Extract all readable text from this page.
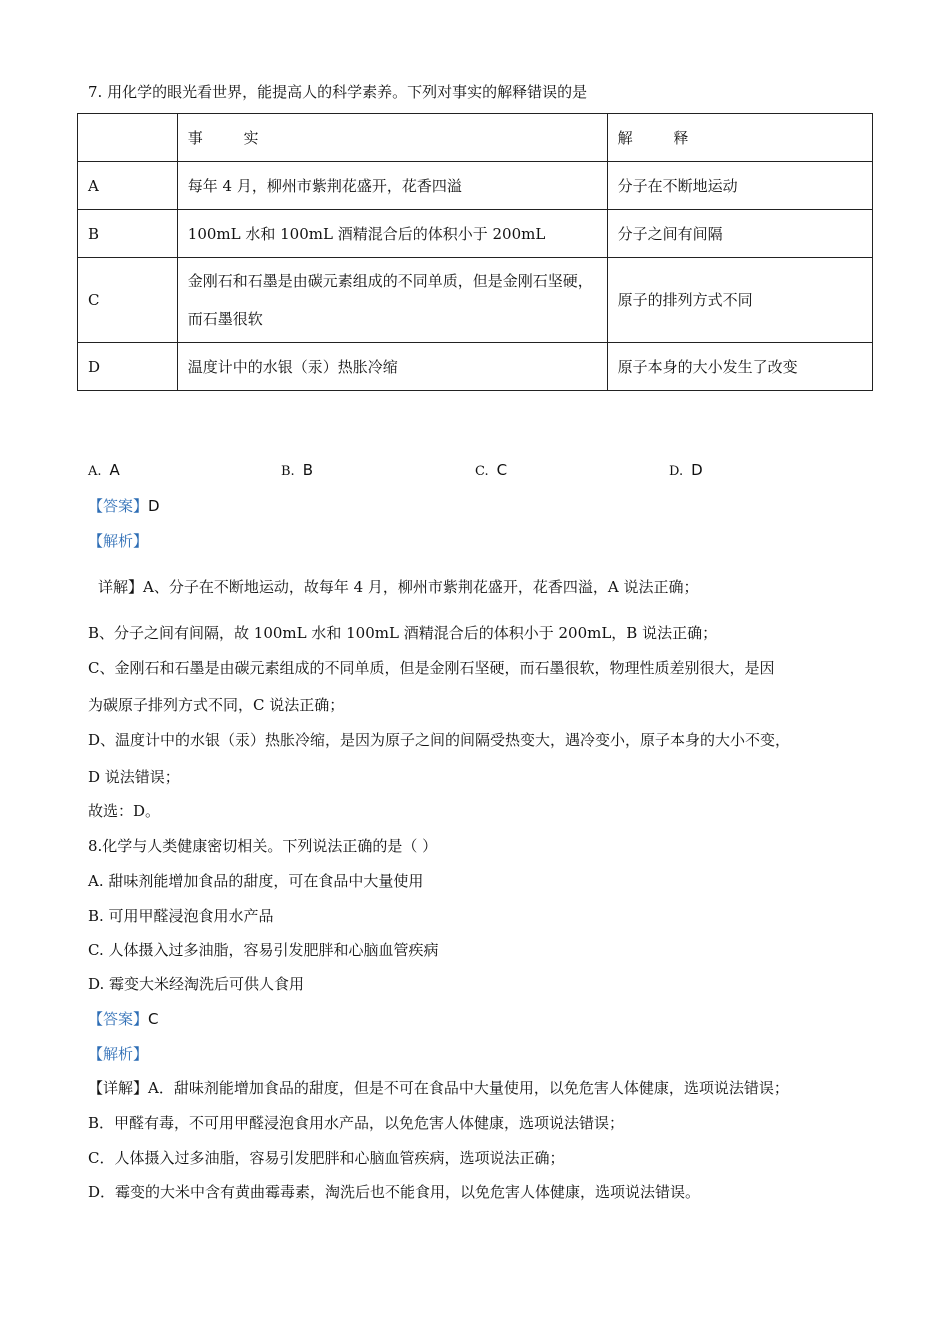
7. 用化学的眼光看世界，能提高人的科学素养。下列对事实的解释错误的是
	事 实	解 释
A	每年 4 月，柳州市紫荆花盛开，花香四溢	分子在不断地运动
B	100mL 水和 100mL 酒精混合后的体积小于 200mL	分子之间有间隔
C	金刚石和石墨是由碳元素组成的不同单质，但是金刚石坚硬，而石墨很软	原子的排列方式不同
D	温度计中的水银（汞）热胀冷缩	原子本身的大小发生了改变
A. A	B. B	C. C	D. D
【答案】D
【解析】
详解】A、分子在不断地运动，故每年 4 月，柳州市紫荆花盛开，花香四溢，A 说法正确；
B、分子之间有间隔，故 100mL 水和 100mL 酒精混合后的体积小于 200mL，B 说法正确；
C、金刚石和石墨是由碳元素组成的不同单质，但是金刚石坚硬，而石墨很软，物理性质差别很大，是因
为碳原子排列方式不同，C 说法正确；
D、温度计中的水银（汞）热胀冷缩，是因为原子之间的间隔受热变大，遇冷变小，原子本身的大小不变，
D 说法错误；
故选：D。
8.化学与人类健康密切相关。下列说法正确的是（ ）
A. 甜味剂能增加食品的甜度，可在食品中大量使用
B. 可用甲醛浸泡食用水产品
C. 人体摄入过多油脂，容易引发肥胖和心脑血管疾病
D. 霉变大米经淘洗后可供人食用
【答案】C
【解析】
【详解】A．甜味剂能增加食品的甜度，但是不可在食品中大量使用，以免危害人体健康，选项说法错误；
B．甲醛有毒，不可用甲醛浸泡食用水产品，以免危害人体健康，选项说法错误；
C．人体摄入过多油脂，容易引发肥胖和心脑血管疾病，选项说法正确；
D．霉变的大米中含有黄曲霉毒素，淘洗后也不能食用，以免危害人体健康，选项说法错误。
